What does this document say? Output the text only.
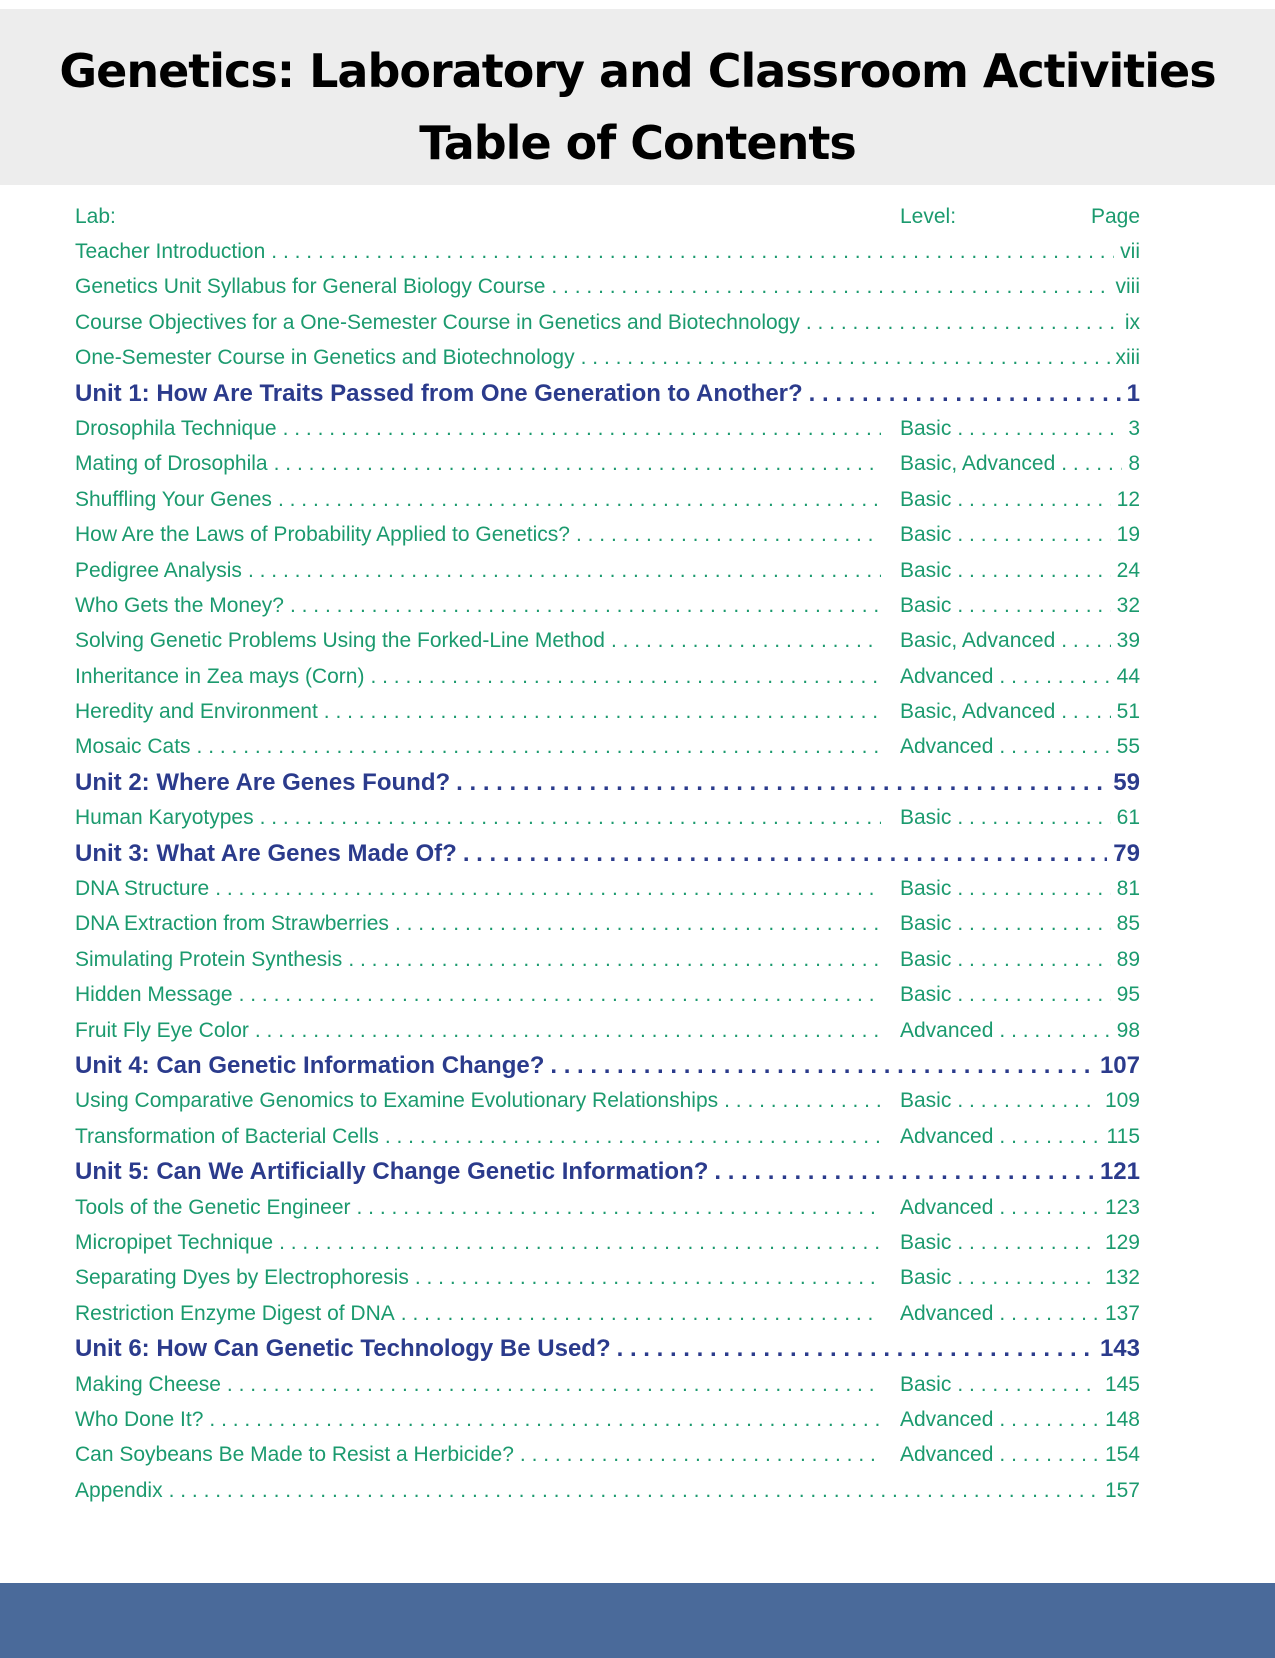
Genetics: Laboratory and Classroom Activities
Table of Contents
Lab:	Level:	Page
Teacher Introduction . . .	vii
Genetics Unit Syllabus for General Biology Course . . .	viii
Course Objectives for a One-Semester Course in Genetics and Biotechnology . . .	ix
One-Semester Course in Genetics and Biotechnology . . .	xiii
Unit 1: How Are Traits Passed from One Generation to Another? . . .	1
Drosophila Technique . . .	Basic . . .	3
Mating of Drosophila . . .	Basic, Advanced . . .	8
Shuffling Your Genes . . .	Basic . . .	12
How Are the Laws of Probability Applied to Genetics? . . .	Basic . . .	19
Pedigree Analysis . . .	Basic . . .	24
Who Gets the Money? . . .	Basic . . .	32
Solving Genetic Problems Using the Forked-Line Method . . .	Basic, Advanced . . .	39
Inheritance in Zea mays (Corn) . . .	Advanced . . .	44
Heredity and Environment . . .	Basic, Advanced . . .	51
Mosaic Cats . . .	Advanced . . .	55
Unit 2: Where Are Genes Found? . . .	59
Human Karyotypes . . .	Basic . . .	61
Unit 3: What Are Genes Made Of? . . .	79
DNA Structure . . .	Basic . . .	81
DNA Extraction from Strawberries . . .	Basic . . .	85
Simulating Protein Synthesis . . .	Basic . . .	89
Hidden Message . . .	Basic . . .	95
Fruit Fly Eye Color . . .	Advanced . . .	98
Unit 4: Can Genetic Information Change? . . .	107
Using Comparative Genomics to Examine Evolutionary Relationships . . .	Basic . . .	109
Transformation of Bacterial Cells . . .	Advanced . . .	115
Unit 5: Can We Artificially Change Genetic Information? . . .	121
Tools of the Genetic Engineer . . .	Advanced . . .	123
Micropipet Technique . . .	Basic . . .	129
Separating Dyes by Electrophoresis . . .	Basic . . .	132
Restriction Enzyme Digest of DNA . . .	Advanced . . .	137
Unit 6: How Can Genetic Technology Be Used? . . .	143
Making Cheese . . .	Basic . . .	145
Who Done It? . . .	Advanced . . .	148
Can Soybeans Be Made to Resist a Herbicide? . . .	Advanced . . .	154
Appendix . . .	157
